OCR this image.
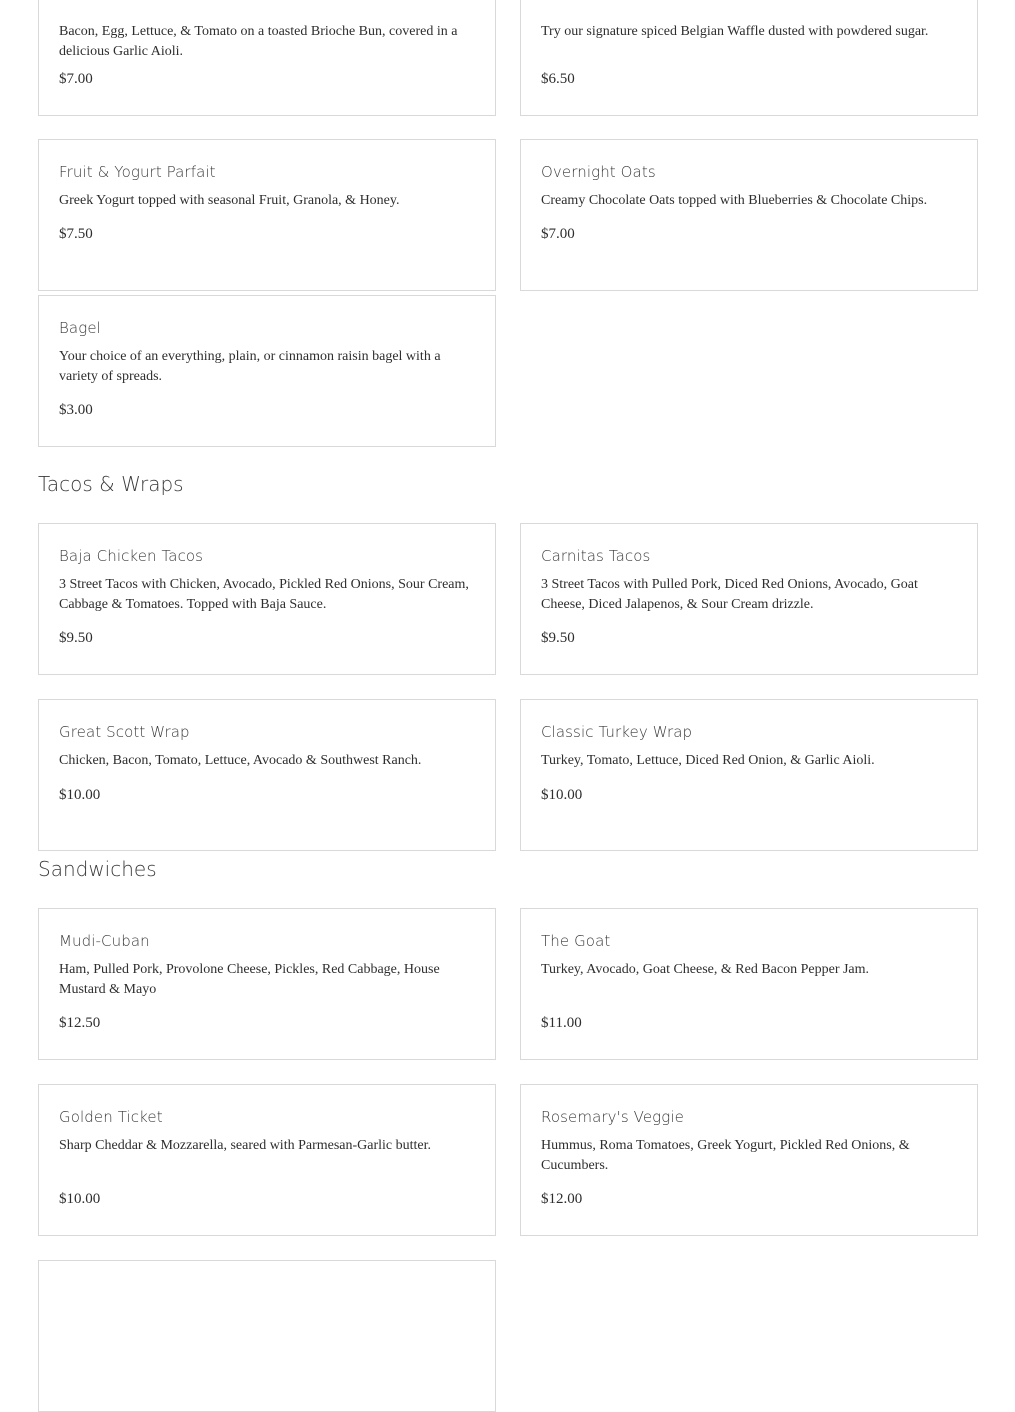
Bacon, Egg, Lettuce, & Tomato on a toasted Brioche Bun, covered in a delicious Garlic Aioli.
$7.00
Try our signature spiced Belgian Waffle dusted with powdered sugar.
$6.50
Fruit & Yogurt Parfait
Greek Yogurt topped with seasonal Fruit, Granola, & Honey.
$7.50
Overnight Oats
Creamy Chocolate Oats topped with Blueberries & Chocolate Chips.
$7.00
Bagel
Your choice of an everything, plain, or cinnamon raisin bagel with a variety of spreads.
$3.00
Tacos & Wraps
Baja Chicken Tacos
3 Street Tacos with Chicken, Avocado, Pickled Red Onions, Sour Cream, Cabbage & Tomatoes. Topped with Baja Sauce.
$9.50
Carnitas Tacos
3 Street Tacos with Pulled Pork, Diced Red Onions, Avocado, Goat Cheese, Diced Jalapenos, & Sour Cream drizzle.
$9.50
Great Scott Wrap
Chicken, Bacon, Tomato, Lettuce, Avocado & Southwest Ranch.
$10.00
Classic Turkey Wrap
Turkey, Tomato, Lettuce, Diced Red Onion, & Garlic Aioli.
$10.00
Sandwiches
Mudi-Cuban
Ham, Pulled Pork, Provolone Cheese, Pickles, Red Cabbage, House Mustard & Mayo
$12.50
The Goat
Turkey, Avocado, Goat Cheese, & Red Bacon Pepper Jam.
$11.00
Golden Ticket
Sharp Cheddar & Mozzarella, seared with Parmesan-Garlic butter.
$10.00
Rosemary's Veggie
Hummus, Roma Tomatoes, Greek Yogurt, Pickled Red Onions, & Cucumbers.
$12.00
